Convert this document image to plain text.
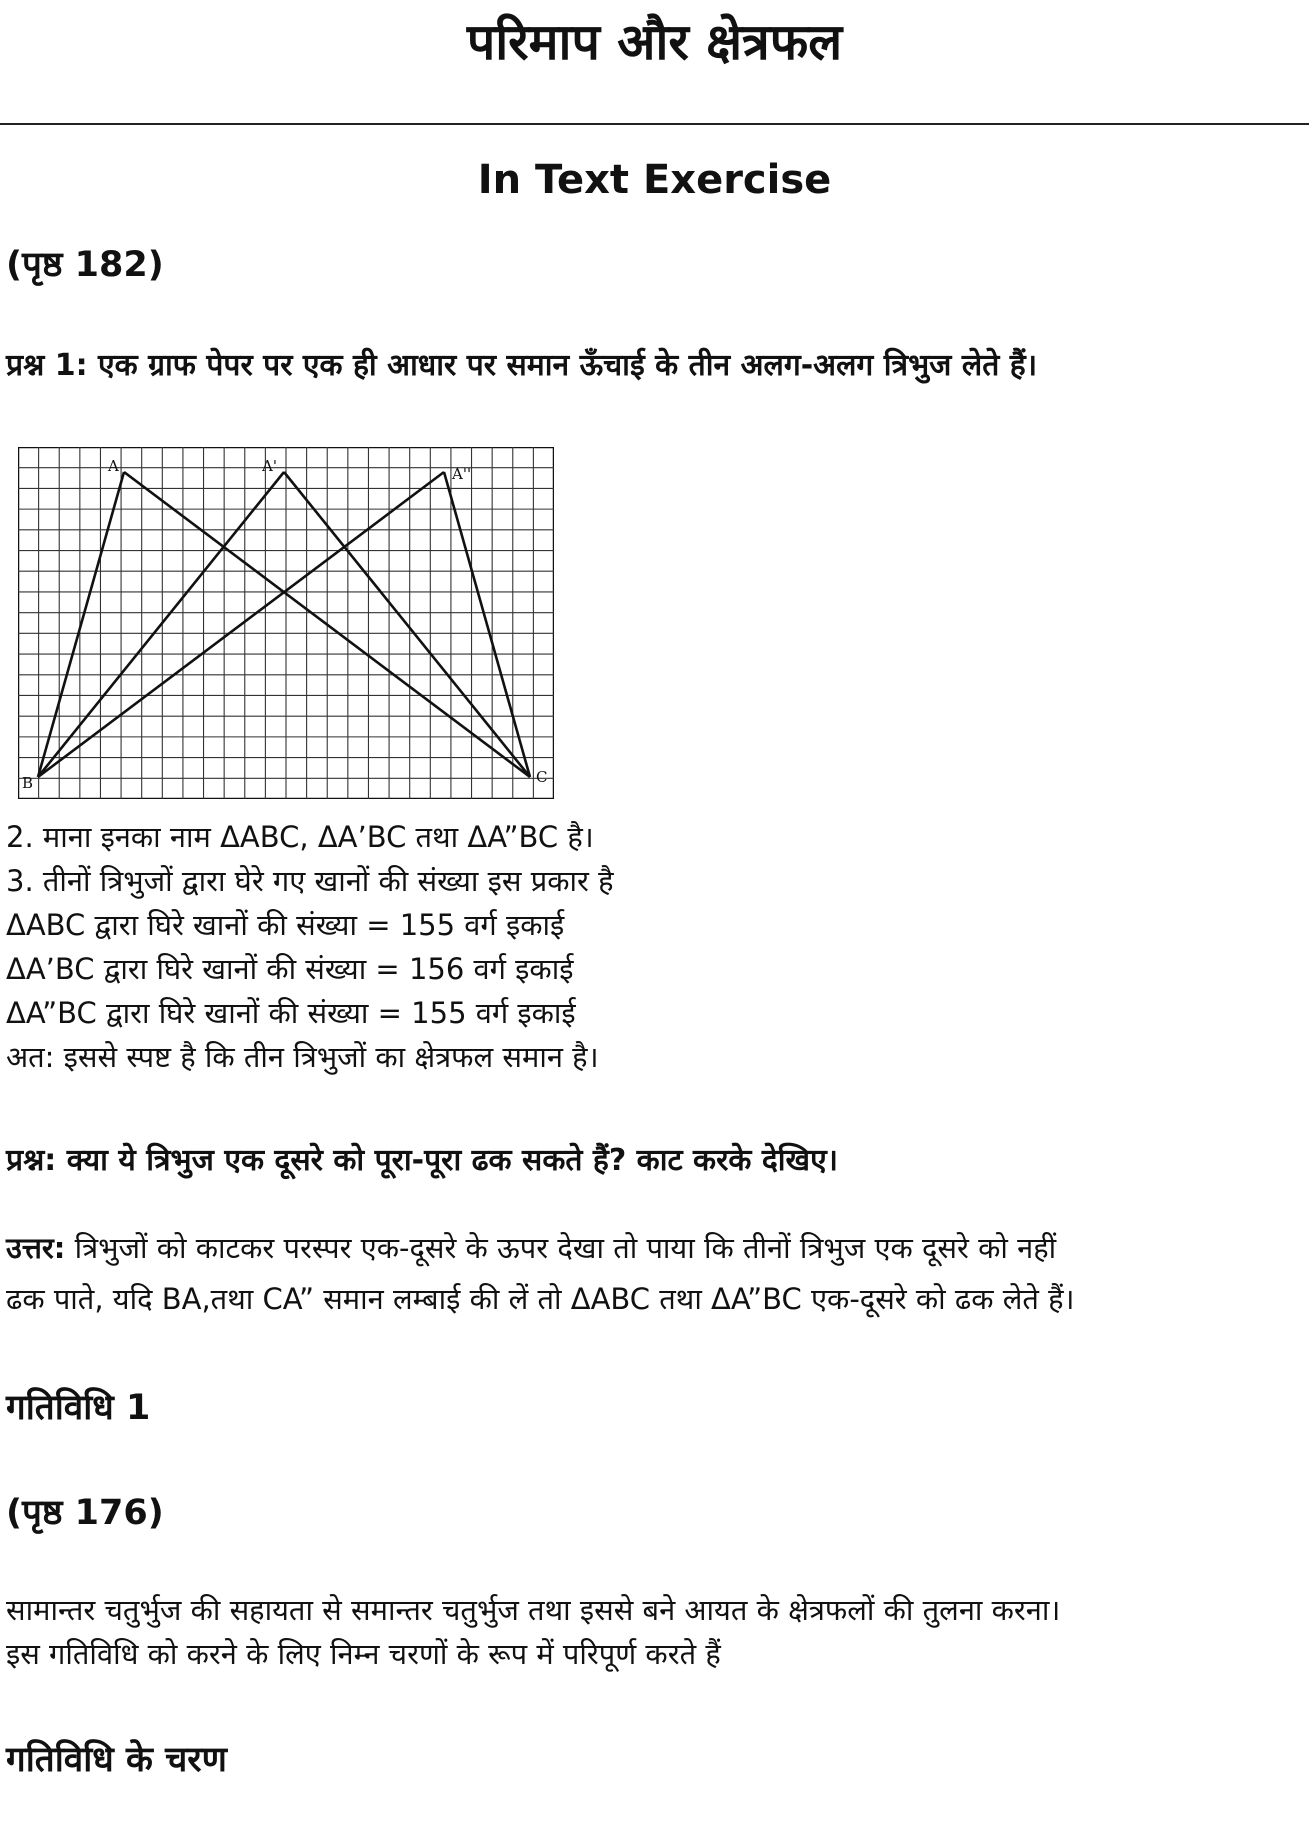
परिमाप और क्षेत्रफल
In Text Exercise
(पृष्ठ 182)
प्रश्न 1: एक ग्राफ पेपर पर एक ही आधार पर समान ऊँचाई के तीन अलग-अलग त्रिभुज लेते हैं।
A	A'	A''
B	C
2. माना इनका नाम ΔABC, ΔA’BC तथा ΔA”BC है।
3. तीनों त्रिभुजों द्वारा घेरे गए खानों की संख्या इस प्रकार है
ΔABC द्वारा घिरे खानों की संख्या = 155 वर्ग इकाई
ΔA’BC द्वारा घिरे खानों की संख्या = 156 वर्ग इकाई
ΔA”BC द्वारा घिरे खानों की संख्या = 155 वर्ग इकाई
अत: इससे स्पष्ट है कि तीन त्रिभुजों का क्षेत्रफल समान है।
प्रश्न: क्या ये त्रिभुज एक दूसरे को पूरा-पूरा ढक सकते हैं? काट करके देखिए।
उत्तर: त्रिभुजों को काटकर परस्पर एक-दूसरे के ऊपर देखा तो पाया कि तीनों त्रिभुज एक दूसरे को नहीं
ढक पाते, यदि BA,तथा CA” समान लम्बाई की लें तो ΔABC तथा ΔA”BC एक-दूसरे को ढक लेते हैं।
गतिविधि 1
(पृष्ठ 176)
सामान्तर चतुर्भुज की सहायता से समान्तर चतुर्भुज तथा इससे बने आयत के क्षेत्रफलों की तुलना करना।
इस गतिविधि को करने के लिए निम्न चरणों के रूप में परिपूर्ण करते हैं
गतिविधि के चरण
